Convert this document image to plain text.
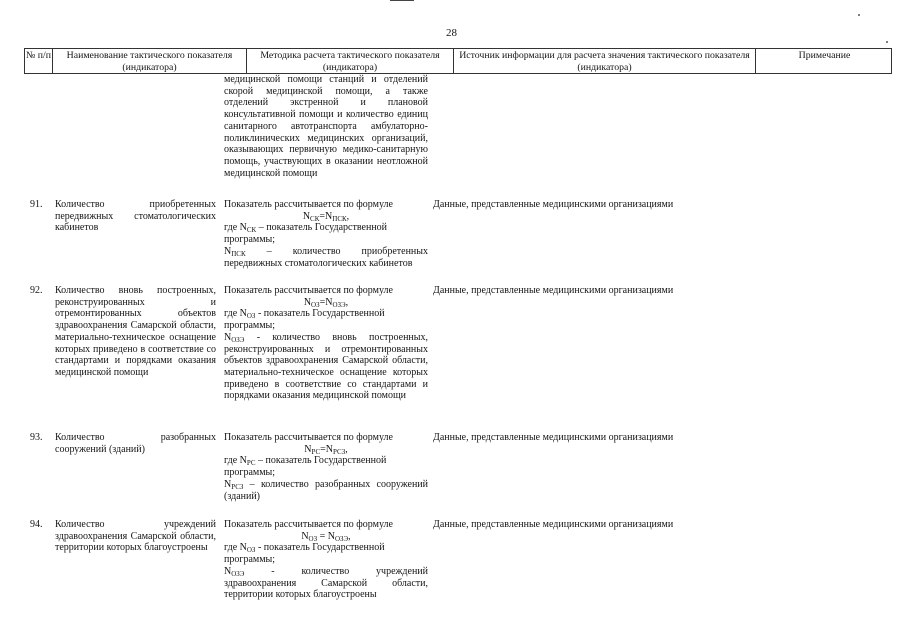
28
№ п/п	Наименование тактического показателя (индикатора)
Методика расчета тактического показателя (индикатора)
Источник информации для расчета значения тактического показателя (индикатора)
Примечание
медицинской помощи станций и отделений скорой медицинской помощи, а также отделений экстренной и плановой консультативной помощи и количество единиц санитарного автотранспорта амбулаторно-поликлинических медицинских организаций, оказывающих первичную медико-санитарную помощь, участвующих в оказании неотложной медицинской помощи
91. Количество приобретенных передвижных стоматологических кабинетов
Показатель рассчитывается по формуле
$N_{СК}=N_{ПСК}$,
где $N_{СК}$ – показатель Государственной программы;
$N_{ПСК}$ – количество приобретенных передвижных стоматологических кабинетов
Данные, представленные медицинскими организациями
92. Количество вновь построенных, реконструированных и отремонтированных объектов здравоохранения Самарской области, материально-техническое оснащение которых приведено в соответствие со стандартами и порядками оказания медицинской помощи
Показатель рассчитывается по формуле
$N_{ОЗ}=N_{ОЗЭ}$,
где $N_{ОЗ}$ - показатель Государственной программы;
$N_{ОЗЭ}$ - количество вновь построенных, реконструированных и отремонтированных объектов здравоохранения Самарской области, материально-техническое оснащение которых приведено в соответствие со стандартами и порядками оказания медицинской помощи
Данные, представленные медицинскими организациями
93. Количество разобранных сооружений (зданий)
Показатель рассчитывается по формуле
$N_{РС}=N_{РСЗ}$,
где $N_{РС}$ – показатель Государственной программы;
$N_{РСЗ}$ – количество разобранных сооружений (зданий)
Данные, представленные медицинскими организациями
94. Количество учреждений здравоохранения Самарской области, территории которых благоустроены
Показатель рассчитывается по формуле
$N_{ОЗ} = N_{ОЗЭ}$,
где $N_{ОЗ}$ - показатель Государственной программы;
$N_{ОЗЭ}$ - количество учреждений здравоохранения Самарской области, территории которых благоустроены
Данные, представленные медицинскими организациями
